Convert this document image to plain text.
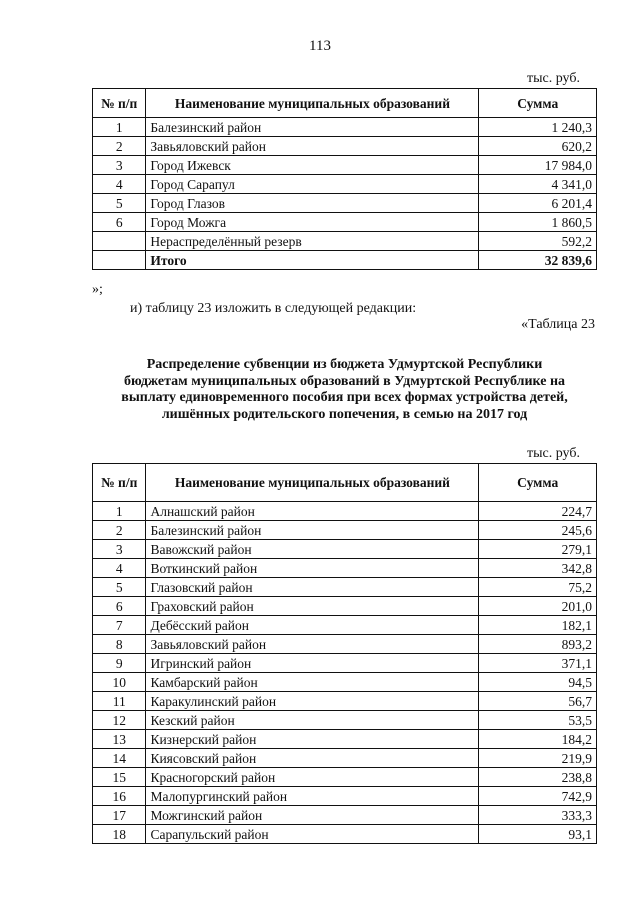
113
тыс. руб.
№ п/п	Наименование муниципальных образований	Сумма
1	Балезинский район	1 240,3
2	Завьяловский район	620,2
3	Город Ижевск	17 984,0
4	Город Сарапул	4 341,0
5	Город Глазов	6 201,4
6	Город Можга	1 860,5
	Нераспределённый резерв	592,2
	Итого	32 839,6
»;
и) таблицу 23 изложить в следующей редакции:
«Таблица 23
Распределение субвенции из бюджета Удмуртской Республики
бюджетам муниципальных образований в Удмуртской Республике на
выплату единовременного пособия при всех формах устройства детей,
лишённых родительского попечения, в семью на 2017 год
тыс. руб.
№ п/п	Наименование муниципальных образований	Сумма
1	Алнашский район	224,7
2	Балезинский район	245,6
3	Вавожский район	279,1
4	Воткинский район	342,8
5	Глазовский район	75,2
6	Граховский район	201,0
7	Дебёсский район	182,1
8	Завьяловский район	893,2
9	Игринский район	371,1
10	Камбарский район	94,5
11	Каракулинский район	56,7
12	Кезский район	53,5
13	Кизнерский район	184,2
14	Киясовский район	219,9
15	Красногорский район	238,8
16	Малопургинский район	742,9
17	Можгинский район	333,3
18	Сарапульский район	93,1
